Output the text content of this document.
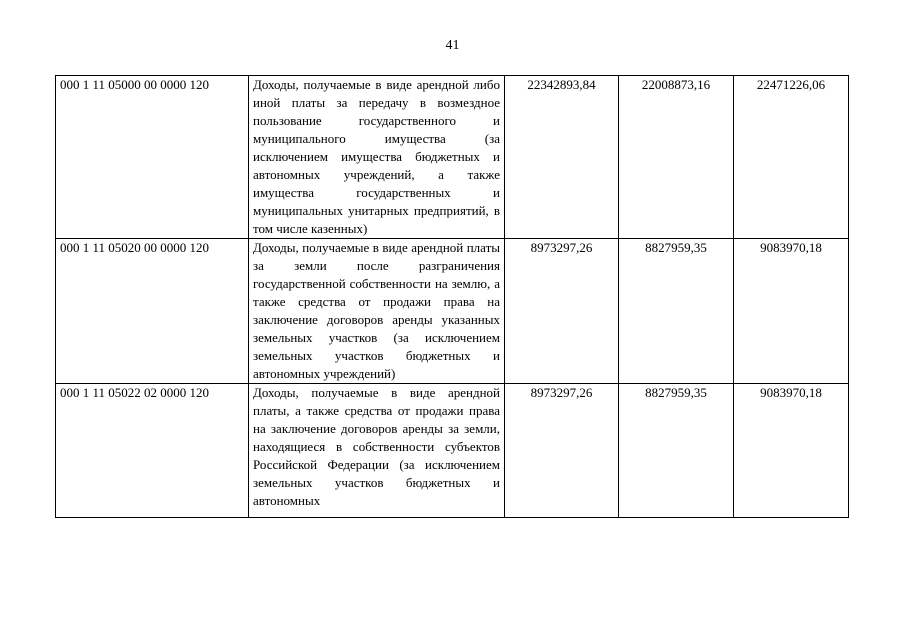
41
000 1 11 05000 00 0000 120	Доходы, получаемые в виде арендной либо иной платы за передачу в возмездное пользование государственного и муниципального имущества (за исключением имущества бюджетных и автономных учреждений, а также имущества государственных и муниципальных унитарных предприятий, в том числе казенных)	22342893,84	22008873,16	22471226,06
000 1 11 05020 00 0000 120	Доходы, получаемые в виде арендной платы за земли после разграничения государственной собственности на землю, а также средства от продажи права на заключение договоров аренды указанных земельных участков (за исключением земельных участков бюджетных и автономных учреждений)	8973297,26	8827959,35	9083970,18
000 1 11 05022 02 0000 120	Доходы, получаемые в виде арендной платы, а также средства от продажи права на заключение договоров аренды за земли, находящиеся в собственности субъектов Российской Федерации (за исключением земельных участков бюджетных и автономных	8973297,26	8827959,35	9083970,18
